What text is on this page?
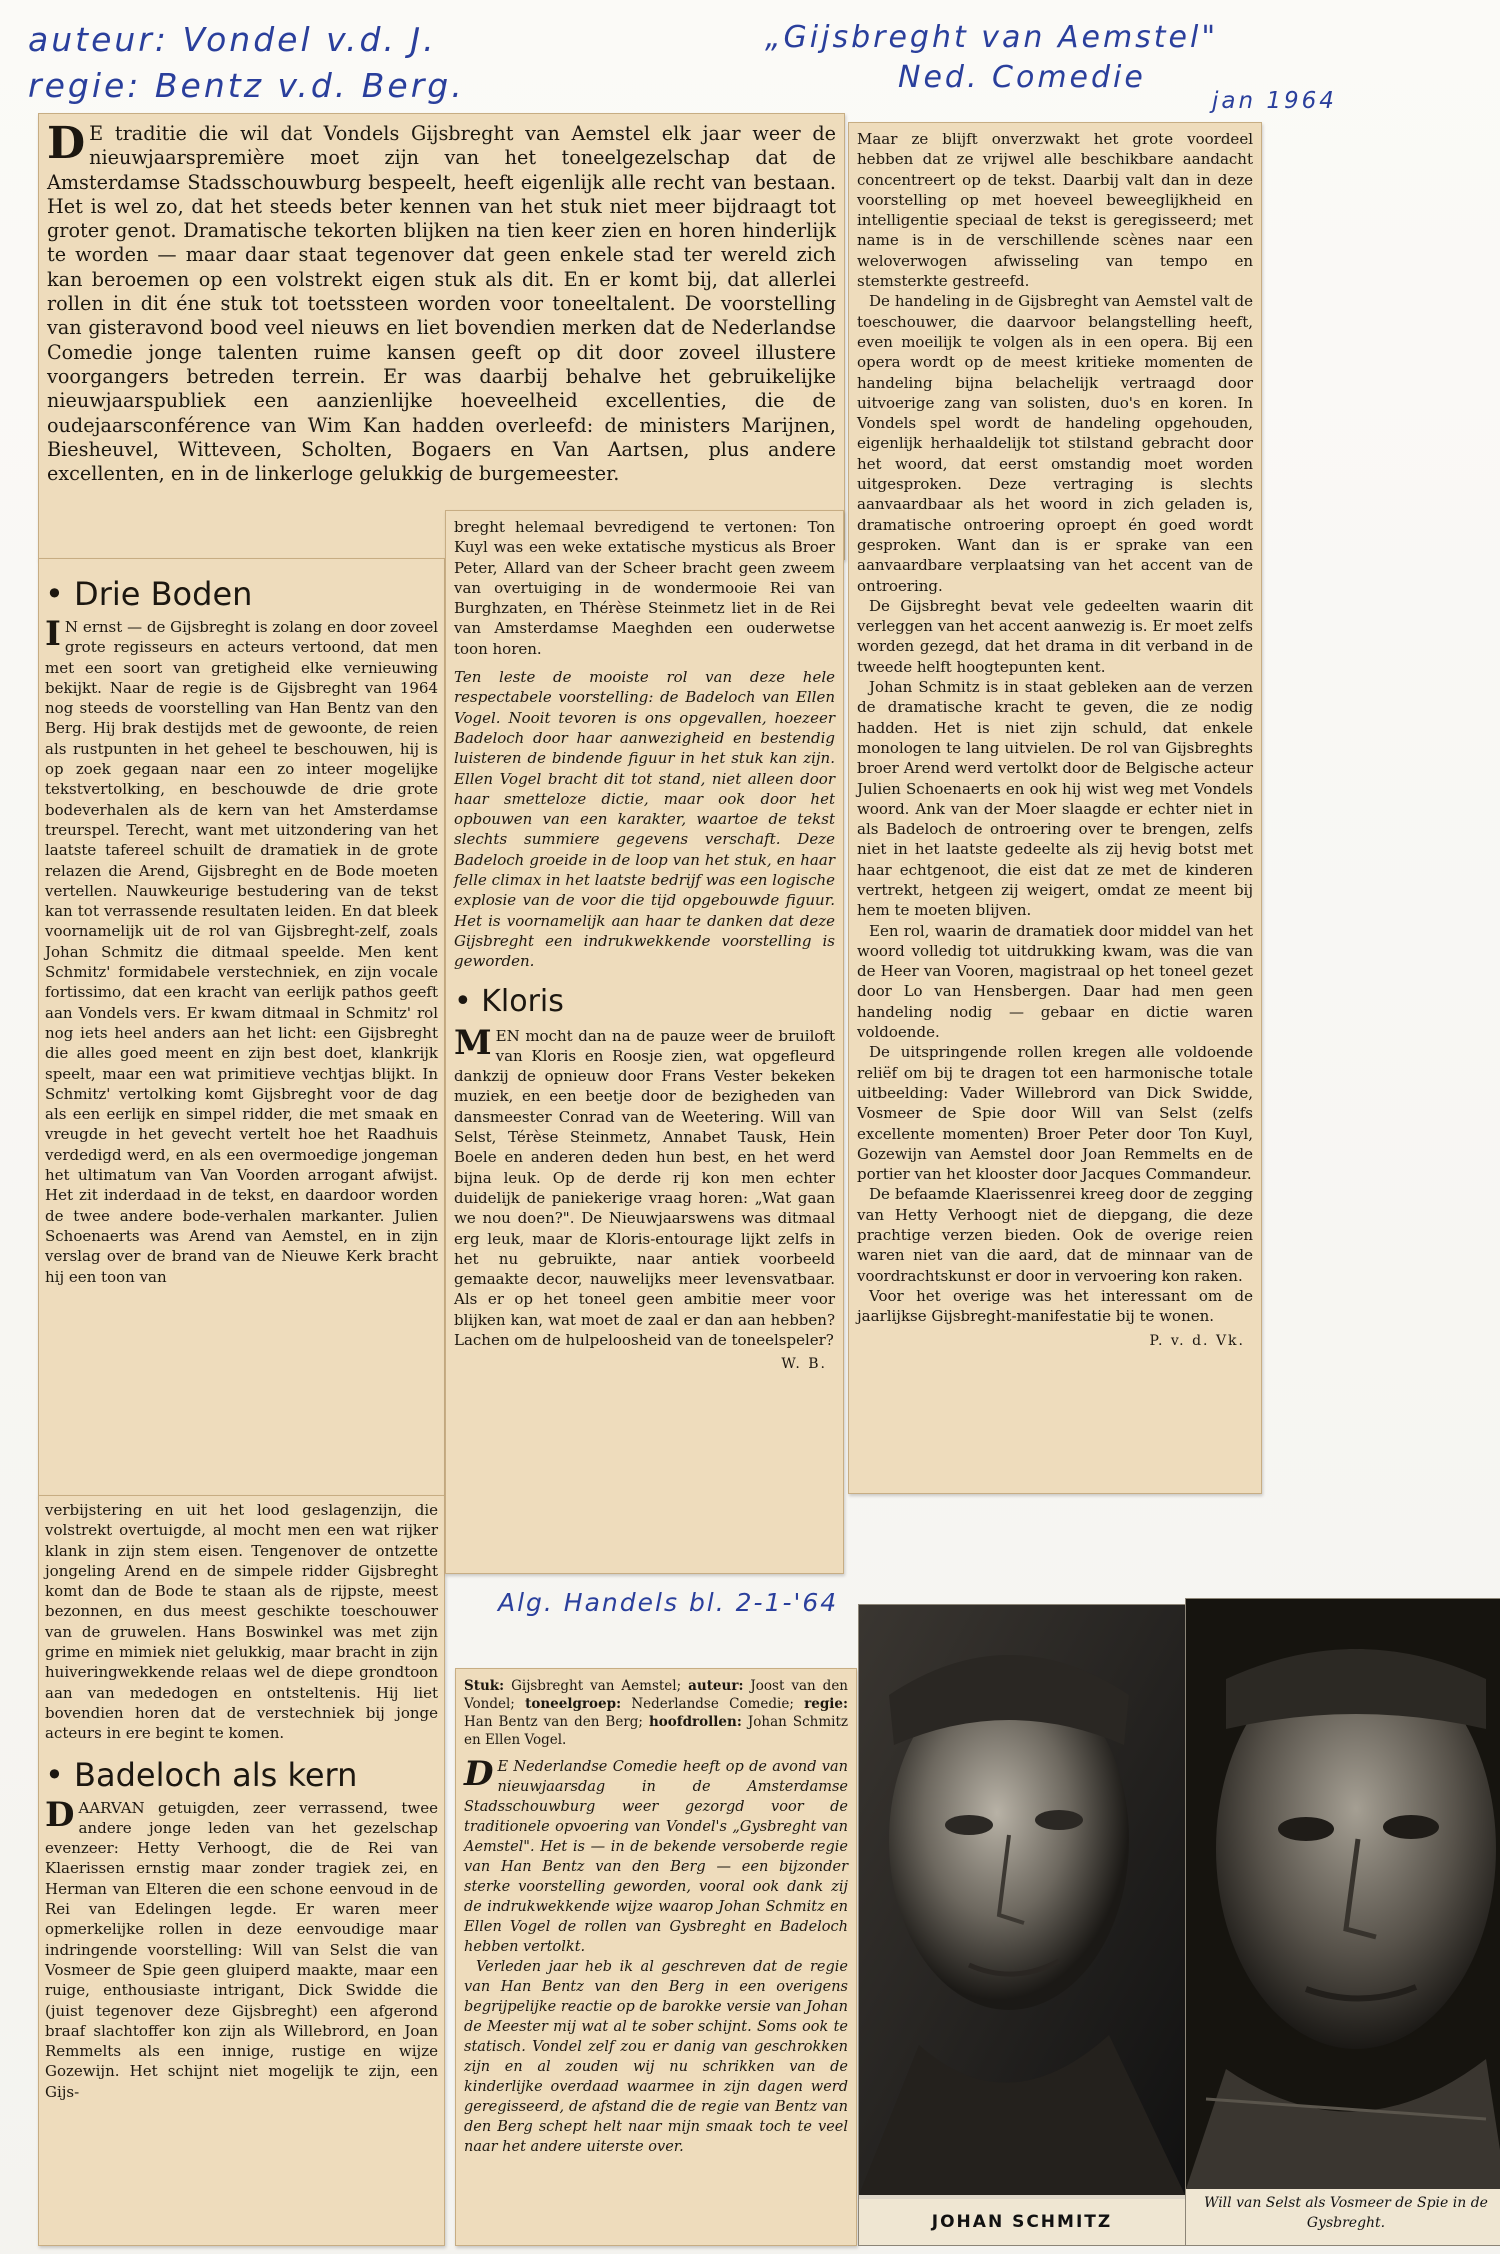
auteur: Vondel v.d. J.
regie: Bentz v.d. Berg.
„Gijsbreght van Aemstel"
Ned. Comedie
jan 1964
Alg. Handels bl. 2-1-'64

D E traditie die wil dat Vondels Gijsbreght van Aemstel elk jaar weer de nieuwjaarspremière moet zijn van het toneelgezelschap dat de Amsterdamse Stadsschouwburg bespeelt, heeft eigenlijk alle recht van bestaan. Het is wel zo, dat het steeds beter kennen van het stuk niet meer bijdraagt tot groter genot. Dramatische tekorten blijken na tien keer zien en horen hinderlijk te worden — maar daar staat tegenover dat geen enkele stad ter wereld zich kan beroemen op een volstrekt eigen stuk als dit. En er komt bij, dat allerlei rollen in dit éne stuk tot toetssteen worden voor toneeltalent. De voorstelling van gisteravond bood veel nieuws en liet bovendien merken dat de Nederlandse Comedie jonge talenten ruime kansen geeft op dit door zoveel illustere voorgangers betreden terrein. Er was daarbij behalve het gebruikelijke nieuwjaarspubliek een aanzienlijke hoeveelheid excellenties, die de oudejaarsconférence van Wim Kan hadden overleefd: de ministers Marijnen, Biesheuvel, Witteveen, Scholten, Bogaers en Van Aartsen, plus andere excellenten, en in de linkerloge gelukkig de burgemeester.

• Drie Boden

I N ernst — de Gijsbreght is zolang en door zoveel grote regisseurs en acteurs vertoond, dat men met een soort van gretigheid elke vernieuwing bekijkt. Naar de regie is de Gijsbreght van 1964 nog steeds de voorstelling van Han Bentz van den Berg. Hij brak destijds met de gewoonte, de reien als rustpunten in het geheel te beschouwen, hij is op zoek gegaan naar een zo inteer mogelijke tekstvertolking, en beschouwde de drie grote bodeverhalen als de kern van het Amsterdamse treurspel. Terecht, want met uitzondering van het laatste tafereel schuilt de dramatiek in de grote relazen die Arend, Gijsbreght en de Bode moeten vertellen. Nauwkeurige bestudering van de tekst kan tot verrassende resultaten leiden. En dat bleek voornamelijk uit de rol van Gijsbreght-zelf, zoals Johan Schmitz die ditmaal speelde. Men kent Schmitz' formidabele verstechniek, en zijn vocale fortissimo, dat een kracht van eerlijk pathos geeft aan Vondels vers. Er kwam ditmaal in Schmitz' rol nog iets heel anders aan het licht: een Gijsbreght die alles goed meent en zijn best doet, klankrijk speelt, maar een wat primitieve vechtjas blijkt. In Schmitz' vertolking komt Gijsbreght voor de dag als een eerlijk en simpel ridder, die met smaak en vreugde in het gevecht vertelt hoe het Raadhuis verdedigd werd, en als een overmoedige jongeman het ultimatum van Van Voorden arrogant afwijst. Het zit inderdaad in de tekst, en daardoor worden de twee andere bode-verhalen markanter. Julien Schoenaerts was Arend van Aemstel, en in zijn verslag over de brand van de Nieuwe Kerk bracht hij een toon van

verbijstering en uit het lood geslagenzijn, die volstrekt overtuigde, al mocht men een wat rijker klank in zijn stem eisen. Tengenover de ontzette jongeling Arend en de simpele ridder Gijsbreght komt dan de Bode te staan als de rijpste, meest bezonnen, en dus meest geschikte toeschouwer van de gruwelen. Hans Boswinkel was met zijn grime en mimiek niet gelukkig, maar bracht in zijn huiveringwekkende relaas wel de diepe grondtoon aan van mededogen en ontsteltenis. Hij liet bovendien horen dat de verstechniek bij jonge acteurs in ere begint te komen.

• Badeloch als kern

DAARVAN getuigden, zeer verrassend, twee andere jonge leden van het gezelschap evenzeer: Hetty Verhoogt, die de Rei van Klaerissen ernstig maar zonder tragiek zei, en Herman van Elteren die een schone eenvoud in de Rei van Edelingen legde. Er waren meer opmerkelijke rollen in deze eenvoudige maar indringende voorstelling: Will van Selst die van Vosmeer de Spie geen gluiperd maakte, maar een ruige, enthousiaste intrigant, Dick Swidde die (juist tegenover deze Gijsbreght) een afgerond braaf slachtoffer kon zijn als Willebrord, en Joan Remmelts als een innige, rustige en wijze Gozewijn. Het schijnt niet mogelijk te zijn, een Gijs-

breght helemaal bevredigend te vertonen: Ton Kuyl was een weke extatische mysticus als Broer Peter, Allard van der Scheer bracht geen zweem van overtuiging in de wondermooie Rei van Burghzaten, en Thérèse Steinmetz liet in de Rei van Amsterdamse Maeghden een ouderwetse toon horen.

Ten leste de mooiste rol van deze hele respectabele voorstelling: de Badeloch van Ellen Vogel. Nooit tevoren is ons opgevallen, hoezeer Badeloch door haar aanwezigheid en bestendig luisteren de bindende figuur in het stuk kan zijn. Ellen Vogel bracht dit tot stand, niet alleen door haar smetteloze dictie, maar ook door het opbouwen van een karakter, waartoe de tekst slechts summiere gegevens verschaft. Deze Badeloch groeide in de loop van het stuk, en haar felle climax in het laatste bedrijf was een logische explosie van de voor die tijd opgebouwde figuur. Het is voornamelijk aan haar te danken dat deze Gijsbreght een indrukwekkende voorstelling is geworden.

• Kloris

MEN mocht dan na de pauze weer de bruiloft van Kloris en Roosje zien, wat opgefleurd dankzij de opnieuw door Frans Vester bekeken muziek, en een beetje door de bezigheden van dansmeester Conrad van de Weetering. Will van Selst, Térèse Steinmetz, Annabet Tausk, Hein Boele en anderen deden hun best, en het werd bijna leuk. Op de derde rij kon men echter duidelijk de paniekerige vraag horen: „Wat gaan we nou doen?". De Nieuwjaarswens was ditmaal erg leuk, maar de Kloris-entourage lijkt zelfs in het nu gebruikte, naar antiek voorbeeld gemaakte decor, nauwelijks meer levensvatbaar. Als er op het toneel geen ambitie meer voor blijken kan, wat moet de zaal er dan aan hebben? Lachen om de hulpeloosheid van de toneelspeler?

W. B.

Maar ze blijft onverzwakt het grote voordeel hebben dat ze vrijwel alle beschikbare aandacht concentreert op de tekst. Daarbij valt dan in deze voorstelling op met hoeveel beweeglijkheid en intelligentie speciaal de tekst is geregisseerd; met name is in de verschillende scènes naar een weloverwogen afwisseling van tempo en stemsterkte gestreefd.

De handeling in de Gijsbreght van Aemstel valt de toeschouwer, die daarvoor belangstelling heeft, even moeilijk te volgen als in een opera. Bij een opera wordt op de meest kritieke momenten de handeling bijna belachelijk vertraagd door uitvoerige zang van solisten, duo's en koren. In Vondels spel wordt de handeling opgehouden, eigenlijk herhaaldelijk tot stilstand gebracht door het woord, dat eerst omstandig moet worden uitgesproken. Deze vertraging is slechts aanvaardbaar als het woord in zich geladen is, dramatische ontroering oproept én goed wordt gesproken. Want dan is er sprake van een aanvaardbare verplaatsing van het accent van de ontroering.

De Gijsbreght bevat vele gedeelten waarin dit verleggen van het accent aanwezig is. Er moet zelfs worden gezegd, dat het drama in dit verband in de tweede helft hoogtepunten kent.

Johan Schmitz is in staat gebleken aan de verzen de dramatische kracht te geven, die ze nodig hadden. Het is niet zijn schuld, dat enkele monologen te lang uitvielen. De rol van Gijsbreghts broer Arend werd vertolkt door de Belgische acteur Julien Schoenaerts en ook hij wist weg met Vondels woord. Ank van der Moer slaagde er echter niet in als Badeloch de ontroering over te brengen, zelfs niet in het laatste gedeelte als zij hevig botst met haar echtgenoot, die eist dat ze met de kinderen vertrekt, hetgeen zij weigert, omdat ze meent bij hem te moeten blijven.

Een rol, waarin de dramatiek door middel van het woord volledig tot uitdrukking kwam, was die van de Heer van Vooren, magistraal op het toneel gezet door Lo van Hensbergen. Daar had men geen handeling nodig — gebaar en dictie waren voldoende.

De uitspringende rollen kregen alle voldoende reliëf om bij te dragen tot een harmonische totale uitbeelding: Vader Willebrord van Dick Swidde, Vosmeer de Spie door Will van Selst (zelfs excellente momenten) Broer Peter door Ton Kuyl, Gozewijn van Aemstel door Joan Remmelts en de portier van het klooster door Jacques Commandeur.

De befaamde Klaerissenrei kreeg door de zegging van Hetty Verhoogt niet de diepgang, die deze prachtige verzen bieden. Ook de overige reien waren niet van die aard, dat de minnaar van de voordrachtskunst er door in vervoering kon raken.

Voor het overige was het interessant om de jaarlijkse Gijsbreght-manifestatie bij te wonen.

P. v. d. Vk.

Stuk: Gijsbreght van Aemstel; auteur: Joost van den Vondel; toneelgroep: Nederlandse Comedie; regie: Han Bentz van den Berg; hoofdrollen: Johan Schmitz en Ellen Vogel.

D E Nederlandse Comedie heeft op de avond van nieuwjaarsdag in de Amsterdamse Stadsschouwburg weer gezorgd voor de traditionele opvoering van Vondel's „Gysbreght van Aemstel". Het is — in de bekende versoberde regie van Han Bentz van den Berg — een bijzonder sterke voorstelling geworden, vooral ook dank zij de indrukwekkende wijze waarop Johan Schmitz en Ellen Vogel de rollen van Gysbreght en Badeloch hebben vertolkt.

Verleden jaar heb ik al geschreven dat de regie van Han Bentz van den Berg in een overigens begrijpelijke reactie op de barokke versie van Johan de Meester mij wat al te sober schijnt. Soms ook te statisch. Vondel zelf zou er danig van geschrokken zijn en al zouden wij nu schrikken van de kinderlijke overdaad waarmee in zijn dagen werd geregisseerd, de afstand die de regie van Bentz van den Berg schept helt naar mijn smaak toch te veel naar het andere uiterste over.

JOHAN SCHMITZ
Will van Selst als Vosmeer de Spie in de Gysbreght.
